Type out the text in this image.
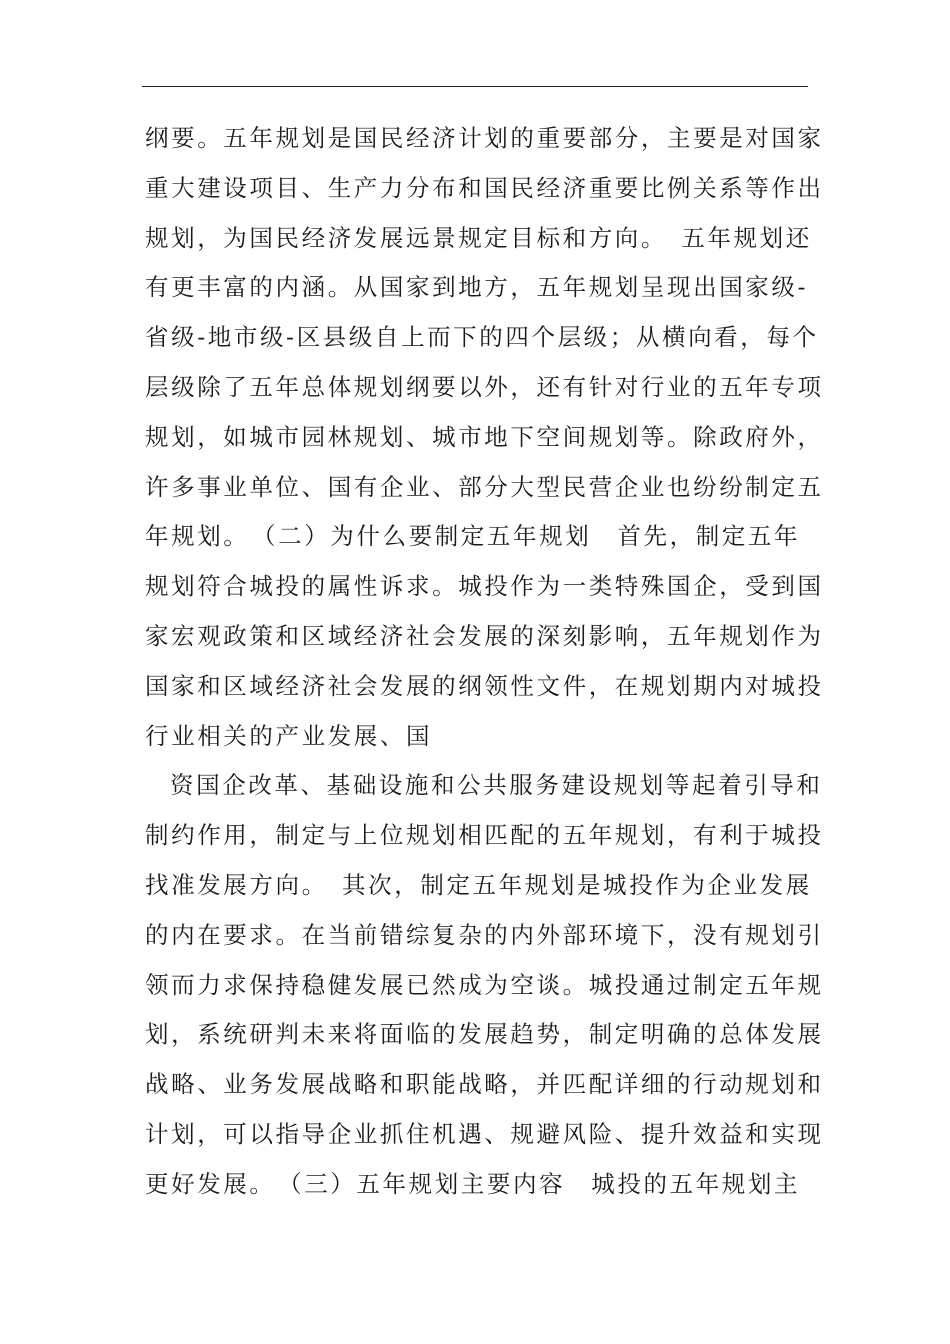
纲要。五年规划是国民经济计划的重要部分，主要是对国家
重大建设项目、生产力分布和国民经济重要比例关系等作出
规划，为国民经济发展远景规定目标和方向。　五年规划还
有更丰富的内涵。从国家到地方，五年规划呈现出国家级-
省级-地市级-区县级自上而下的四个层级；从横向看，每个
层级除了五年总体规划纲要以外，还有针对行业的五年专项
规划，如城市园林规划、城市地下空间规划等。除政府外，
许多事业单位、国有企业、部分大型民营企业也纷纷制定五
年规划。　（二）为什么要制定五年规划　首先，制定五年
规划符合城投的属性诉求。城投作为一类特殊国企，受到国
家宏观政策和区域经济社会发展的深刻影响，五年规划作为
国家和区域经济社会发展的纲领性文件，在规划期内对城投
行业相关的产业发展、国
资国企改革、基础设施和公共服务建设规划等起着引导和
制约作用，制定与上位规划相匹配的五年规划，有利于城投
找准发展方向。　其次，制定五年规划是城投作为企业发展
的内在要求。在当前错综复杂的内外部环境下，没有规划引
领而力求保持稳健发展已然成为空谈。城投通过制定五年规
划，系统研判未来将面临的发展趋势，制定明确的总体发展
战略、业务发展战略和职能战略，并匹配详细的行动规划和
计划，可以指导企业抓住机遇、规避风险、提升效益和实现
更好发展。　（三）五年规划主要内容　城投的五年规划主
